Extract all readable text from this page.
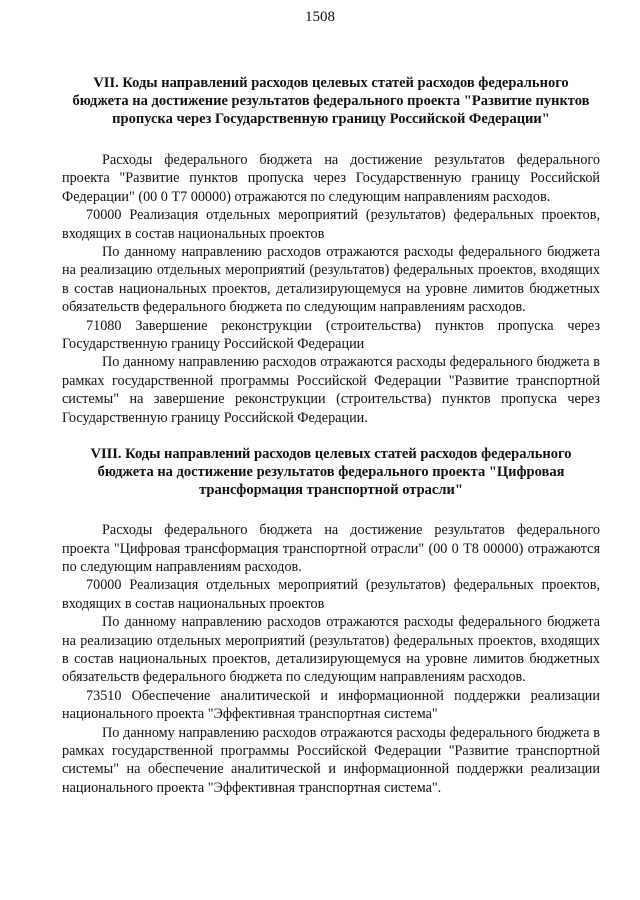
1508
VII. Коды направлений расходов целевых статей расходов федерального бюджета на достижение результатов федерального проекта "Развитие пунктов пропуска через Государственную границу Российской Федерации"

Расходы федерального бюджета на достижение результатов федерального проекта "Развитие пунктов пропуска через Государственную границу Российской Федерации" (00 0 T7 00000) отражаются по следующим направлениям расходов.

70000 Реализация отдельных мероприятий (результатов) федеральных проектов, входящих в состав национальных проектов

По данному направлению расходов отражаются расходы федерального бюджета на реализацию отдельных мероприятий (результатов) федеральных проектов, входящих в состав национальных проектов, детализирующемуся на уровне лимитов бюджетных обязательств федерального бюджета по следующим направлениям расходов.

71080 Завершение реконструкции (строительства) пунктов пропуска через Государственную границу Российской Федерации

По данному направлению расходов отражаются расходы федерального бюджета в рамках государственной программы Российской Федерации "Развитие транспортной системы" на завершение реконструкции (строительства) пунктов пропуска через Государственную границу Российской Федерации.

VIII. Коды направлений расходов целевых статей расходов федерального бюджета на достижение результатов федерального проекта "Цифровая трансформация транспортной отрасли"

Расходы федерального бюджета на достижение результатов федерального проекта "Цифровая трансформация транспортной отрасли" (00 0 T8 00000) отражаются по следующим направлениям расходов.

70000 Реализация отдельных мероприятий (результатов) федеральных проектов, входящих в состав национальных проектов

По данному направлению расходов отражаются расходы федерального бюджета на реализацию отдельных мероприятий (результатов) федеральных проектов, входящих в состав национальных проектов, детализирующемуся на уровне лимитов бюджетных обязательств федерального бюджета по следующим направлениям расходов.

73510 Обеспечение аналитической и информационной поддержки реализации национального проекта "Эффективная транспортная система"

По данному направлению расходов отражаются расходы федерального бюджета в рамках государственной программы Российской Федерации "Развитие транспортной системы" на обеспечение аналитической и информационной поддержки реализации национального проекта "Эффективная транспортная система".
